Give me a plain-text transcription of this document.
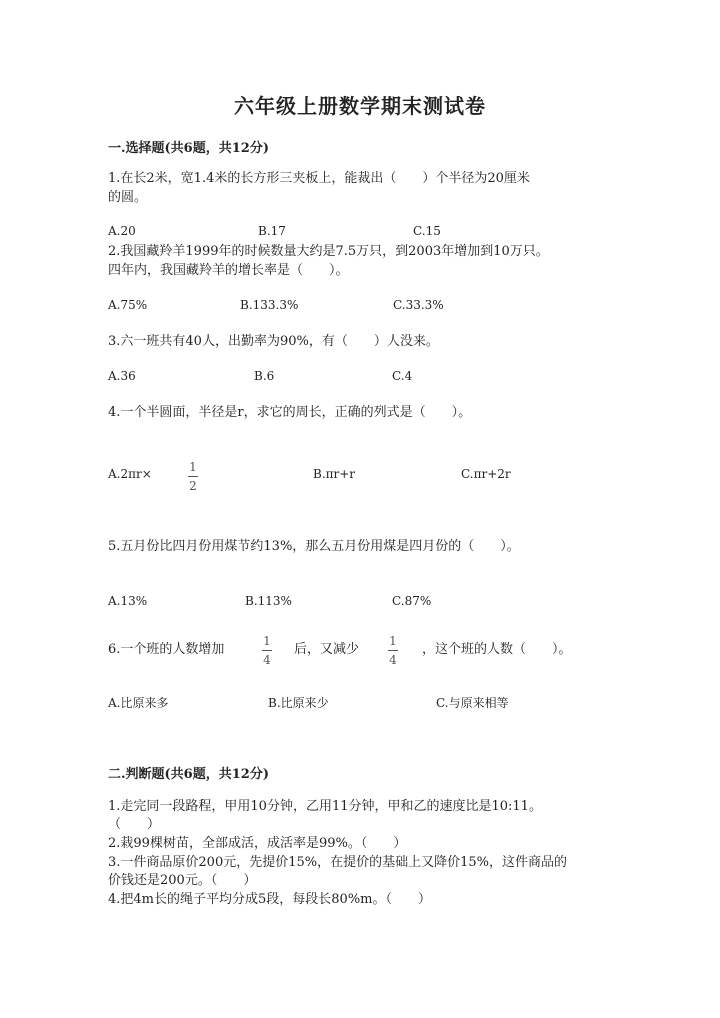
六年级上册数学期末测试卷
一.选择题(共6题，共12分)
1.在长2米，宽1.4米的长方形三夹板上，能裁出（　　）个半径为20厘米
的圆。
A.20	B.17	C.15
2.我国藏羚羊1999年的时候数量大约是7.5万只，到2003年增加到10万只。
四年内，我国藏羚羊的增长率是（　　）。
A.75%	B.133.3%	C.33.3%
3.六一班共有40人，出勤率为90%，有（　　）人没来。
A.36	B.6	C.4
4.一个半圆面，半径是r，求它的周长，正确的列式是（　　）。
A.2πr×	1
2
B.πr+r	C.πr+2r
5.五月份比四月份用煤节约13%，那么五月份用煤是四月份的（　　）。
A.13%	B.113%	C.87%
6.一个班的人数增加
1
4
后，又减少
1
4
，这个班的人数（　　）。
A.比原来多	B.比原来少	C.与原来相等
二.判断题(共6题，共12分)
1.走完同一段路程，甲用10分钟，乙用11分钟，甲和乙的速度比是10:11。
（　　）
2.栽99棵树苗，全部成活，成活率是99%。（　　）
3.一件商品原价200元，先提价15%，在提价的基础上又降价15%，这件商品的
价钱还是200元。（　　）
4.把4m长的绳子平均分成5段，每段长80%m。（　　）
